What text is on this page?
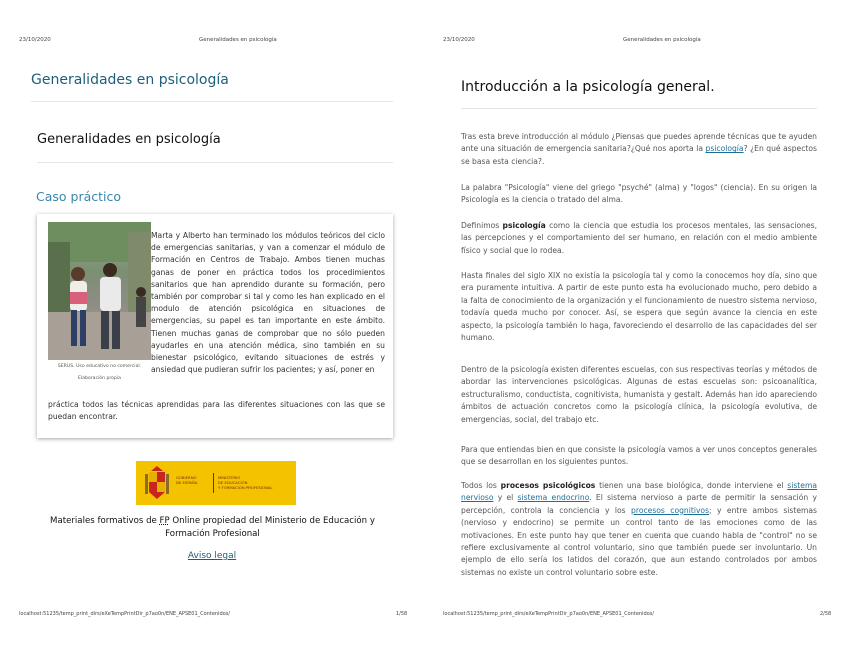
23/10/2020	Generalidades en psicología
Generalidades en psicología
Generalidades en psicología
Caso práctico
SERUS. Uso educativo no comercial.
Elaboración propia

Marta y Alberto han terminado los módulos teóricos del ciclo de emergencias sanitarias, y van a comenzar el módulo de Formación en Centros de Trabajo. Ambos tienen muchas ganas de poner en práctica todos los procedimientos sanitarios que han aprendido durante su formación, pero también por comprobar si tal y como les han explicado en el modulo de atención psicológica en situaciones de emergencias, su papel es tan importante en este ámbito. Tienen muchas ganas de comprobar que no sólo pueden ayudarles en una atención médica, sino también en su bienestar psicológico, evitando situaciones de estrés y ansiedad que pudieran sufrir los pacientes; y así, poner en

práctica todos las técnicas aprendidas para las diferentes situaciones con las que se puedan encontrar.

GOBIERNO
DE ESPAÑA
MINISTERIO
DE EDUCACIÓN
Y FORMACIÓN PROFESIONAL

Materiales formativos de FP Online propiedad del Ministerio de Educación y Formación Profesional

Aviso legal
localhost:51235/temp_print_dirs/eXeTempPrintDir_p7ao0n/ENE_APSE01_Contenidos/	1/58
23/10/2020	Generalidades en psicología
Introducción a la psicología general.

Tras esta breve introducción al módulo ¿Piensas que puedes aprende técnicas que te ayuden ante una situación de emergencia sanitaria?¿Qué nos aporta la psicología? ¿En qué aspectos se basa esta ciencia?.

La palabra "Psicología" viene del griego "psyché" (alma) y "logos" (ciencia). En su origen la Psicología es la ciencia o tratado del alma.

Definimos psicología como la ciencia que estudia los procesos mentales, las sensaciones, las percepciones y el comportamiento del ser humano, en relación con el medio ambiente físico y social que lo rodea.

Hasta finales del siglo XIX no existía la psicología tal y como la conocemos hoy día, sino que era puramente intuitiva. A partir de este punto esta ha evolucionado mucho, pero debido a la falta de conocimiento de la organización y el funcionamiento de nuestro sistema nervioso, todavía queda mucho por conocer. Así, se espera que según avance la ciencia en este aspecto, la psicología también lo haga, favoreciendo el desarrollo de las capacidades del ser humano.

Dentro de la psicología existen diferentes escuelas, con sus respectivas teorías y métodos de abordar las intervenciones psicológicas. Algunas de estas escuelas son: psicoanalítica, estructuralismo, conductista, cognitivista, humanista y gestalt. Además han ido apareciendo ámbitos de actuación concretos como la psicología clínica, la psicología evolutiva, de emergencias, social, del trabajo etc.

Para que entiendas bien en que consiste la psicología vamos a ver unos conceptos generales que se desarrollan en los siguientes puntos.

Todos los procesos psicológicos tienen una base biológica, donde interviene el sistema nervioso y el sistema endocrino. El sistema nervioso a parte de permitir la sensación y percepción, controla la conciencia y los procesos cognitivos; y entre ambos sistemas (nervioso y endocrino) se permite un control tanto de las emociones como de las motivaciones. En este punto hay que tener en cuenta que cuando habla de "control" no se refiere exclusivamente al control voluntario, sino que también puede ser involuntario. Un ejemplo de ello sería los latidos del corazón, que aun estando controlados por ambos sistemas no existe un control voluntario sobre este.

localhost:51235/temp_print_dirs/eXeTempPrintDir_p7ao0n/ENE_APSE01_Contenidos/	2/58
